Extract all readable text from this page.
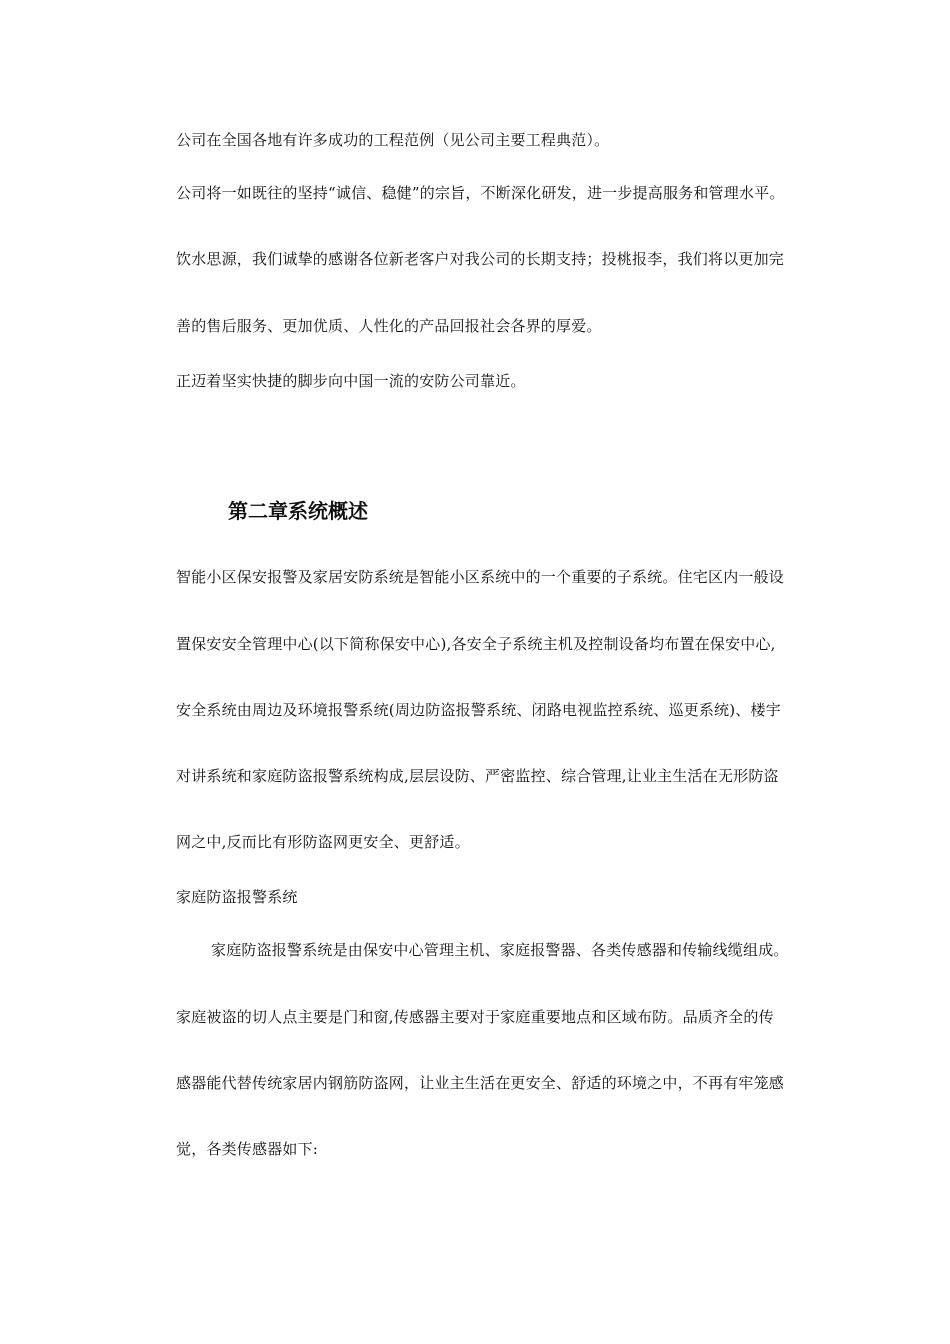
公司在全国各地有许多成功的工程范例（见公司主要工程典范）。

公司将一如既往的坚持“诚信、稳健”的宗旨，不断深化研发，进一步提高服务和管理水平。

饮水思源，我们诚挚的感谢各位新老客户对我公司的长期支持；投桃报李，我们将以更加完

善的售后服务、更加优质、人性化的产品回报社会各界的厚爱。

正迈着坚实快捷的脚步向中国一流的安防公司靠近。

第二章系统概述

智能小区保安报警及家居安防系统是智能小区系统中的一个重要的子系统。住宅区内一般设

置保安安全管理中心(以下简称保安中心),各安全子系统主机及控制设备均布置在保安中心,

安全系统由周边及环境报警系统(周边防盗报警系统、闭路电视监控系统、巡更系统)、楼宇

对讲系统和家庭防盗报警系统构成,层层设防、严密监控、综合管理,让业主生活在无形防盗

网之中,反而比有形防盗网更安全、更舒适。

家庭防盗报警系统

家庭防盗报警系统是由保安中心管理主机、家庭报警器、各类传感器和传输线缆组成。

家庭被盗的切人点主要是门和窗,传感器主要对于家庭重要地点和区域布防。品质齐全的传

感器能代替传统家居内钢筋防盗网，让业主生活在更安全、舒适的环境之中，不再有牢笼感

觉，各类传感器如下:
